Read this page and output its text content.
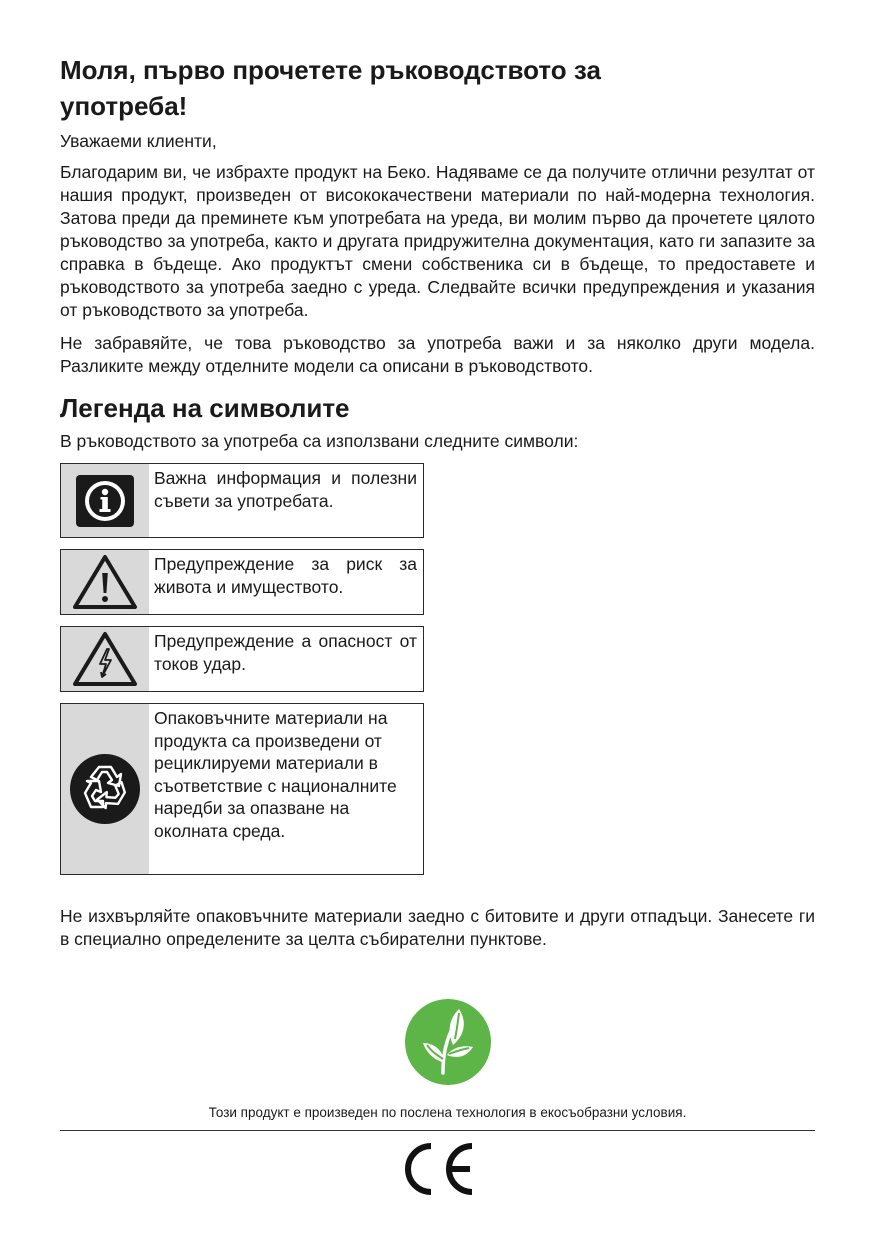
Моля, първо прочетете ръководството за употреба!

Уважаеми клиенти,

Благодарим ви, че избрахте продукт на Беко. Надяваме се да получите отлични резултат от нашия продукт, произведен от висококачествени материали по най-модерна технология. Затова преди да преминете към употребата на уреда, ви молим първо да прочетете цялото ръководство за употреба, както и другата придружителна документация, като ги запазите за справка в бъдеще. Ако продуктът смени собственика си в бъдеще, то предоставете и ръководството за употреба заедно с уреда. Следвайте всички предупреждения и указания от ръководството за употреба.

Не забравяйте, че това ръководство за употреба важи и за няколко други модела. Разликите между отделните модели са описани в ръководството.

Легенда на символите

В ръководството за употреба са използвани следните символи:

Важна информация и полезни съвети за употребата.
Предупреждение за риск за живота и имуществото.
Предупреждение а опасност от токов удар.
Опаковъчните материали на продукта са произведени от рециклируеми материали в съответствие с националните наредби за опазване на околната среда.

Не изхвърляйте опаковъчните материали заедно с битовите и други отпадъци. Занесете ги в специално определените за целта събирателни пунктове.

Този продукт е произведен по послена технология в екосъобразни условия.
